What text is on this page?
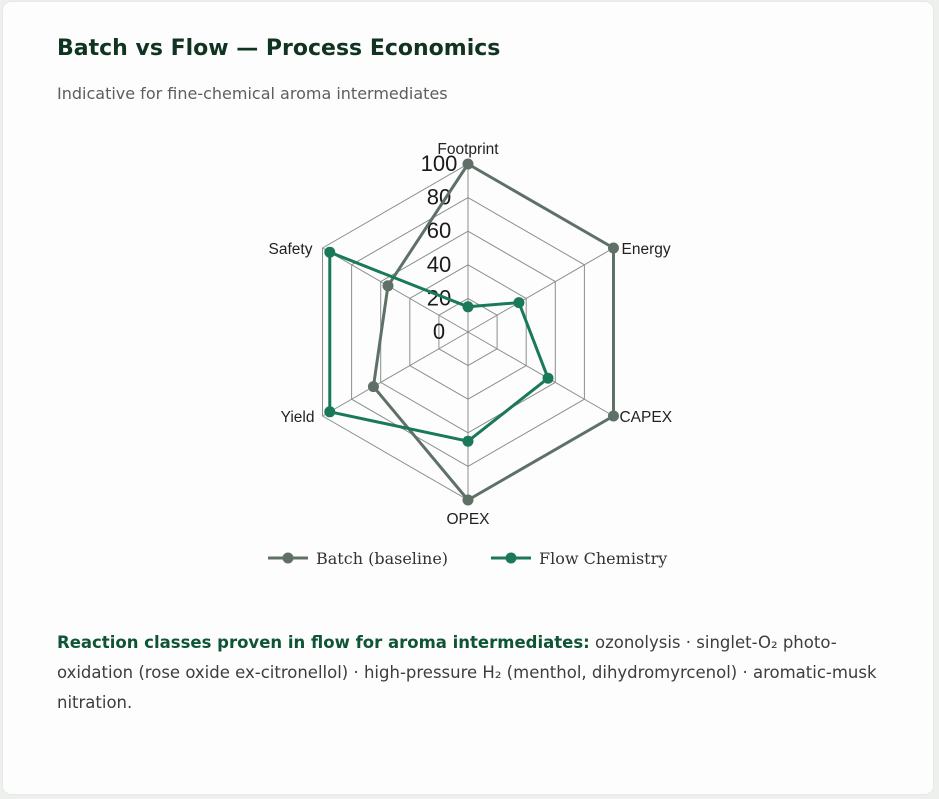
Batch vs Flow — Process Economics
Indicative for fine-chemical aroma intermediates
Reaction classes proven in flow for aroma intermediates: ozonolysis · singlet-O₂ photo-oxidation (rose oxide ex-citronellol) · high-pressure H₂ (menthol, dihydromyrcenol) · aromatic-musk nitration.
0
20
40
60
80
100
Footprint
Energy
CAPEX
OPEX
Yield
Safety
Batch (baseline)	Flow Chemistry
